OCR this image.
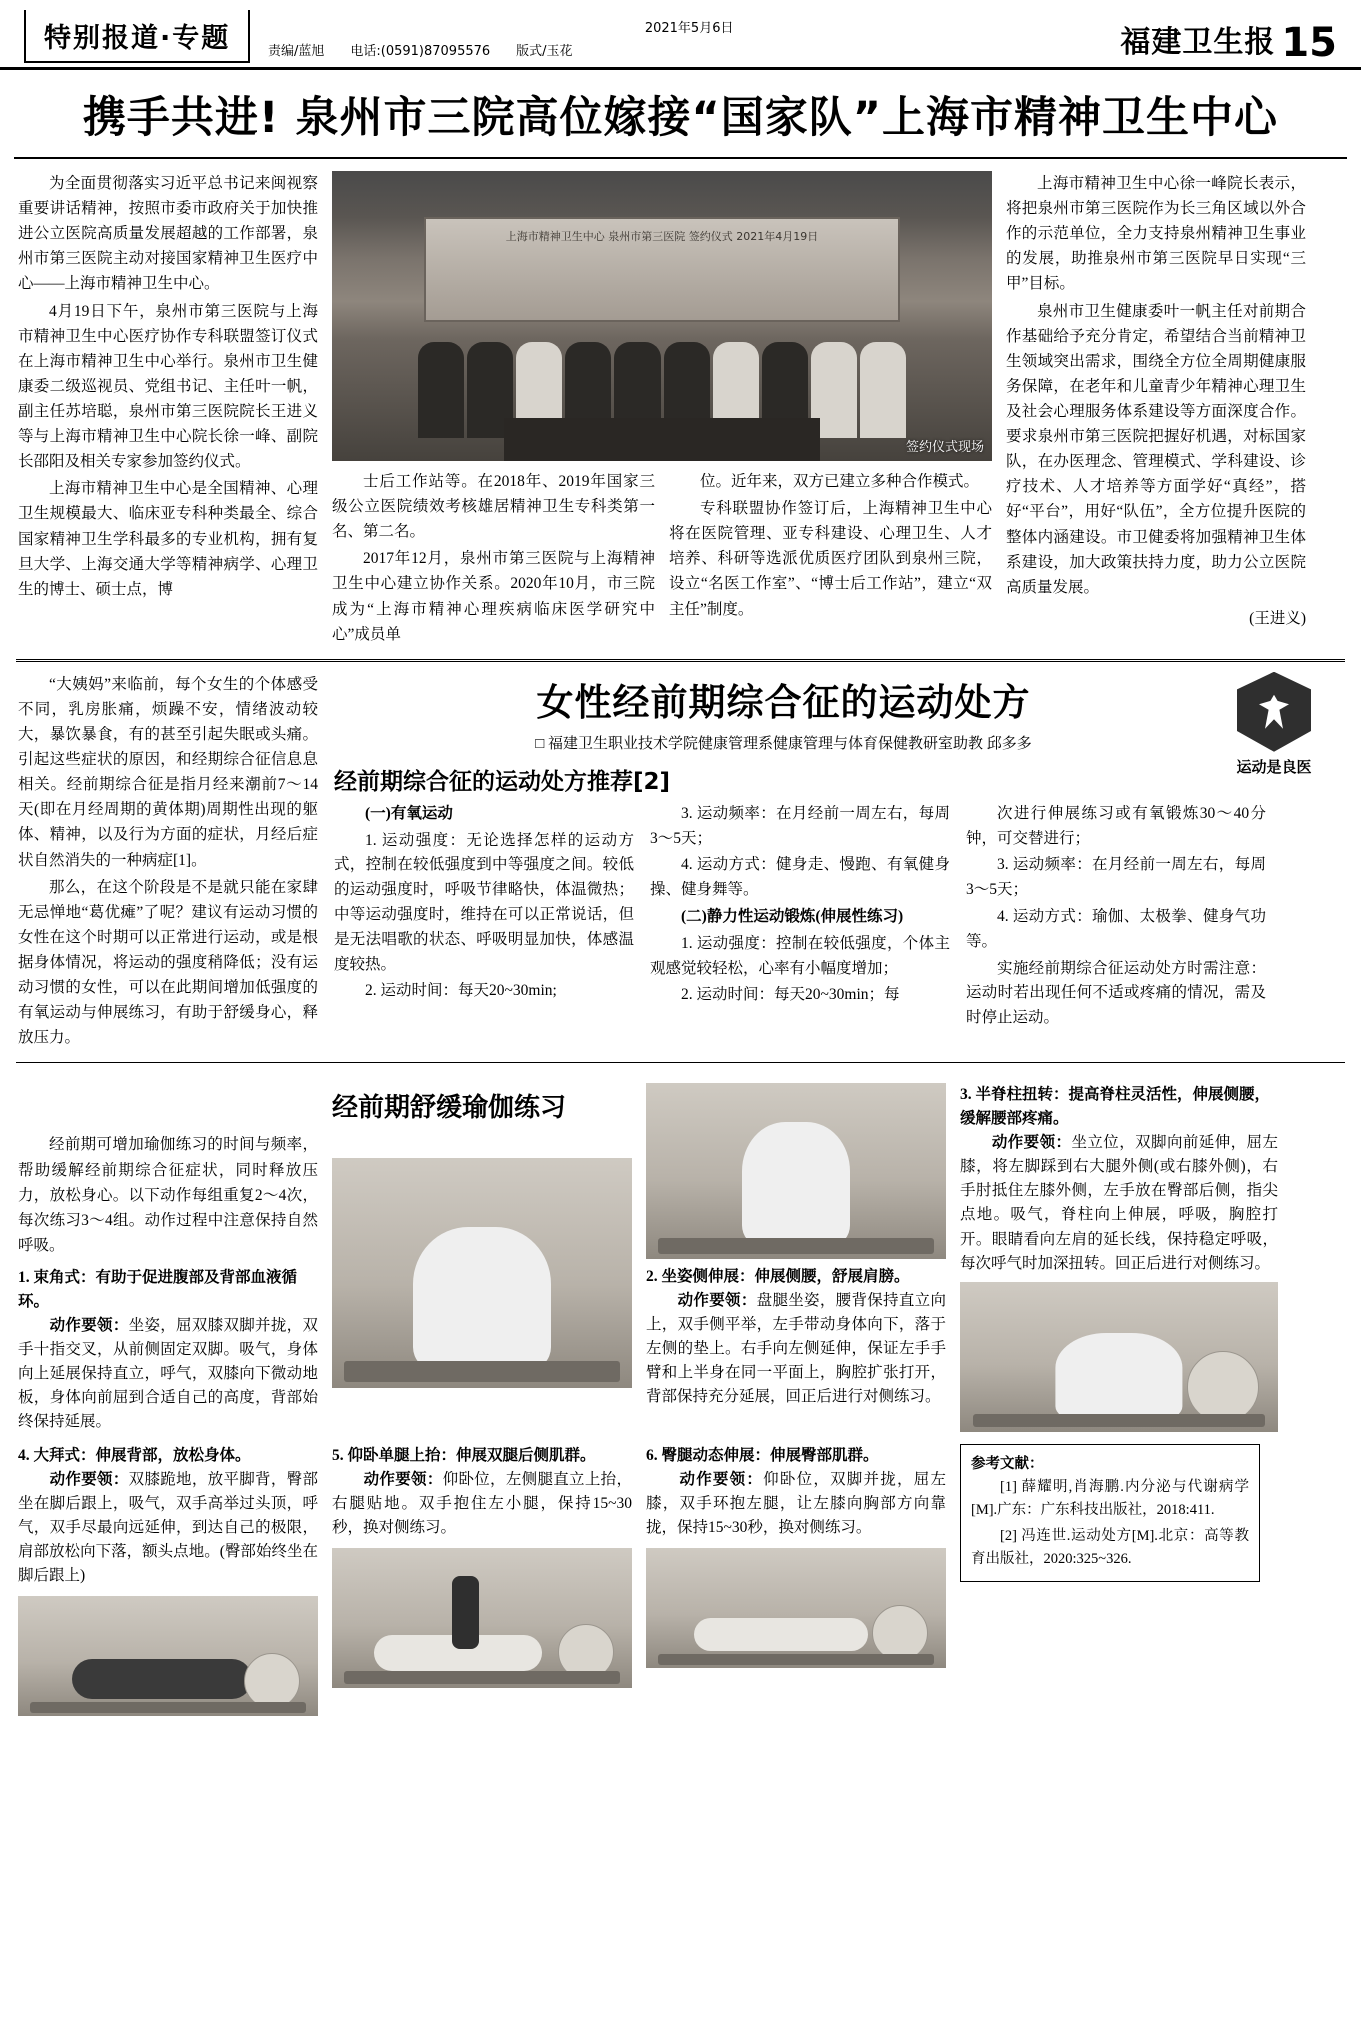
特别报道·专题	2021年5月6日
责编/蓝旭 电话:(0591)87095576 版式/玉花	福建卫生报 15
携手共进! 泉州市三院高位嫁接“国家队”上海市精神卫生中心

为全面贯彻落实习近平总书记来闽视察重要讲话精神，按照市委市政府关于加快推进公立医院高质量发展超越的工作部署，泉州市第三医院主动对接国家精神卫生医疗中心——上海市精神卫生中心。

4月19日下午，泉州市第三医院与上海市精神卫生中心医疗协作专科联盟签订仪式在上海市精神卫生中心举行。泉州市卫生健康委二级巡视员、党组书记、主任叶一帆，副主任苏培聪，泉州市第三医院院长王进义等与上海市精神卫生中心院长徐一峰、副院长邵阳及相关专家参加签约仪式。

上海市精神卫生中心是全国精神、心理卫生规模最大、临床亚专科种类最全、综合国家精神卫生学科最多的专业机构，拥有复旦大学、上海交通大学等精神病学、心理卫生的博士、硕士点，博

上海市精神卫生中心 泉州市第三医院 签约仪式 2021年4月19日
签约仪式现场

士后工作站等。在2018年、2019年国家三级公立医院绩效考核雄居精神卫生专科类第一名、第二名。

2017年12月，泉州市第三医院与上海精神卫生中心建立协作关系。2020年10月，市三院成为“上海市精神心理疾病临床医学研究中心”成员单

位。近年来，双方已建立多种合作模式。

专科联盟协作签订后，上海精神卫生中心将在医院管理、亚专科建设、心理卫生、人才培养、科研等选派优质医疗团队到泉州三院，设立“名医工作室”、“博士后工作站”，建立“双主任”制度。

上海市精神卫生中心徐一峰院长表示，将把泉州市第三医院作为长三角区域以外合作的示范单位，全力支持泉州精神卫生事业的发展，助推泉州市第三医院早日实现“三甲”目标。

泉州市卫生健康委叶一帆主任对前期合作基础给予充分肯定，希望结合当前精神卫生领域突出需求，围绕全方位全周期健康服务保障，在老年和儿童青少年精神心理卫生及社会心理服务体系建设等方面深度合作。要求泉州市第三医院把握好机遇，对标国家队，在办医理念、管理模式、学科建设、诊疗技术、人才培养等方面学好“真经”，搭好“平台”，用好“队伍”，全方位提升医院的整体内涵建设。市卫健委将加强精神卫生体系建设，加大政策扶持力度，助力公立医院高质量发展。

(王进义)

“大姨妈”来临前，每个女生的个体感受不同，乳房胀痛，烦躁不安，情绪波动较大，暴饮暴食，有的甚至引起失眠或头痛。引起这些症状的原因，和经期综合征信息息相关。经前期综合征是指月经来潮前7～14天(即在月经周期的黄体期)周期性出现的躯体、精神，以及行为方面的症状，月经后症状自然消失的一种病症[1]。

那么，在这个阶段是不是就只能在家肆无忌惮地“葛优瘫”了呢？建议有运动习惯的女性在这个时期可以正常进行运动，或是根据身体情况，将运动的强度稍降低；没有运动习惯的女性，可以在此期间增加低强度的有氧运动与伸展练习，有助于舒缓身心，释放压力。

女性经前期综合征的运动处方
□ 福建卫生职业技术学院健康管理系健康管理与体育保健教研室助教 邱多多
运动是良医
经前期综合征的运动处方推荐[2]

(一)有氧运动

1. 运动强度：无论选择怎样的运动方式，控制在较低强度到中等强度之间。较低的运动强度时，呼吸节律略快，体温微热；中等运动强度时，维持在可以正常说话，但是无法唱歌的状态、呼吸明显加快，体感温度较热。

2. 运动时间：每天20~30min;

3. 运动频率：在月经前一周左右，每周3～5天；

4. 运动方式：健身走、慢跑、有氧健身操、健身舞等。

(二)静力性运动锻炼(伸展性练习)

1. 运动强度：控制在较低强度，个体主观感觉较轻松，心率有小幅度增加；

2. 运动时间：每天20~30min；每

次进行伸展练习或有氧锻炼30～40分钟，可交替进行；

3. 运动频率：在月经前一周左右，每周3～5天；

4. 运动方式：瑜伽、太极拳、健身气功等。

实施经前期综合征运动处方时需注意：运动时若出现任何不适或疼痛的情况，需及时停止运动。

经前期可增加瑜伽练习的时间与频率，帮助缓解经前期综合征症状，同时释放压力，放松身心。以下动作每组重复2～4次，每次练习3～4组。动作过程中注意保持自然呼吸。

1. 束角式：有助于促进腹部及背部血液循环。
　　动作要领：坐姿，屈双膝双脚并拢，双手十指交叉，从前侧固定双脚。吸气，身体向上延展保持直立，呼气，双膝向下微动地板，身体向前屈到合适自己的高度，背部始终保持延展。
经前期舒缓瑜伽练习
2. 坐姿侧伸展：伸展侧腰，舒展肩膀。
　　动作要领：盘腿坐姿，腰背保持直立向上，双手侧平举，左手带动身体向下，落于左侧的垫上。右手向左侧延伸，保证左手手臂和上半身在同一平面上，胸腔扩张打开，背部保持充分延展，回正后进行对侧练习。
3. 半脊柱扭转：提高脊柱灵活性，伸展侧腰，缓解腰部疼痛。
　　动作要领：坐立位，双脚向前延伸，屈左膝，将左脚踩到右大腿外侧(或右膝外侧)，右手肘抵住左膝外侧，左手放在臀部后侧，指尖点地。吸气，脊柱向上伸展，呼吸，胸腔打开。眼睛看向左肩的延长线，保持稳定呼吸，每次呼气时加深扭转。回正后进行对侧练习。
4. 大拜式：伸展背部，放松身体。
　　动作要领：双膝跪地，放平脚背，臀部坐在脚后跟上，吸气，双手高举过头顶，呼气，双手尽最向远延伸，到达自己的极限，肩部放松向下落，额头点地。(臀部始终坐在脚后跟上)
5. 仰卧单腿上抬：伸展双腿后侧肌群。
　　动作要领：仰卧位，左侧腿直立上抬，右腿贴地。双手抱住左小腿，保持15~30秒，换对侧练习。
6. 臀腿动态伸展：伸展臀部肌群。
　　动作要领：仰卧位，双脚并拢，屈左膝，双手环抱左腿，让左膝向胸部方向靠拢，保持15~30秒，换对侧练习。
参考文献：

[1] 薛耀明,肖海鹏.内分泌与代谢病学[M].广东：广东科技出版社，2018:411.

[2] 冯连世.运动处方[M].北京：高等教育出版社，2020:325~326.
